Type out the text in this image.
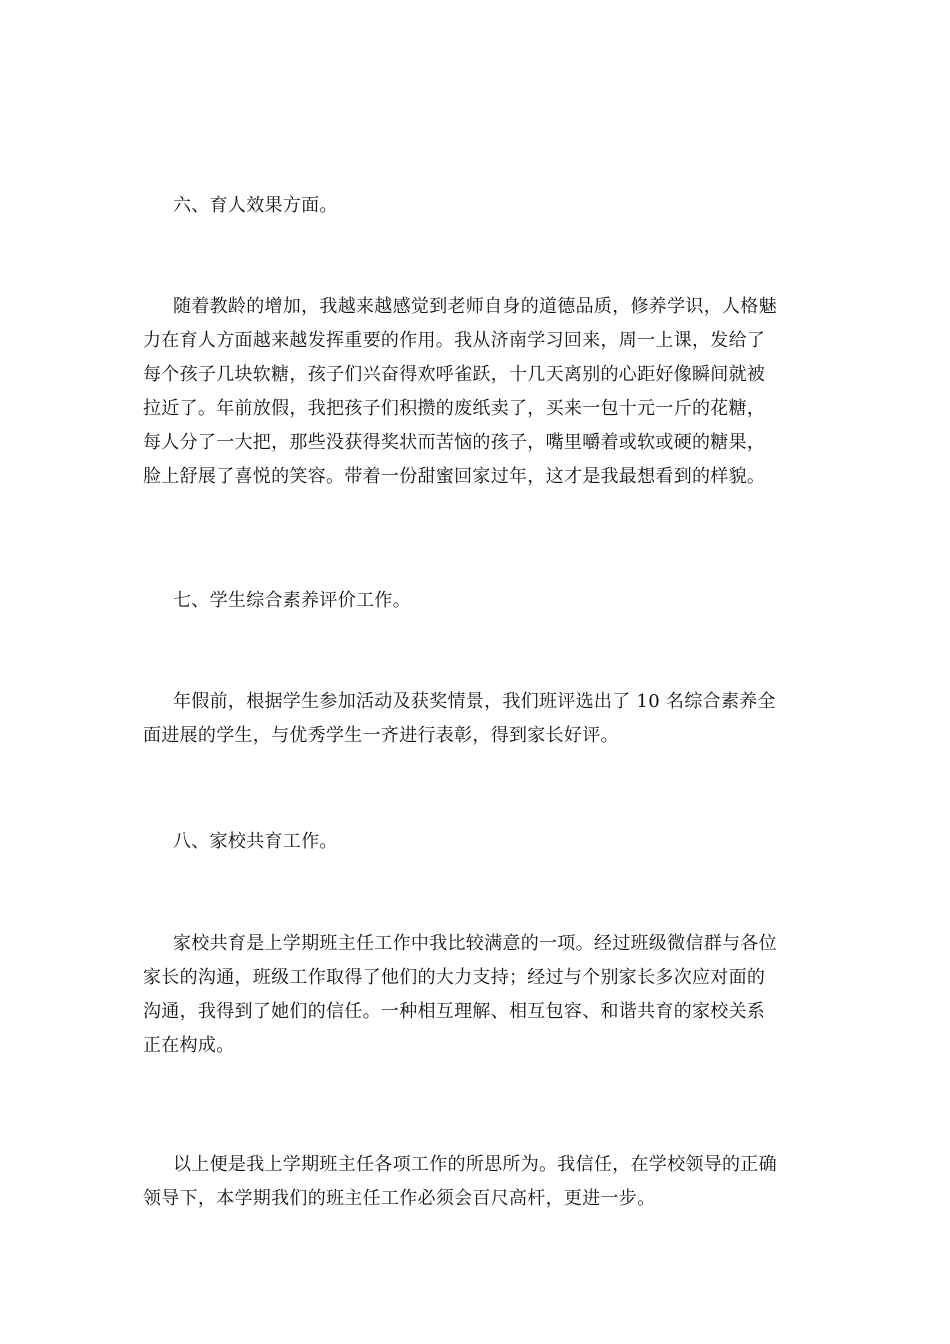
六、育人效果方面。
随着教龄的增加，我越来越感觉到老师自身的道德品质，修养学识，人格魅
力在育人方面越来越发挥重要的作用。我从济南学习回来，周一上课，发给了
每个孩子几块软糖，孩子们兴奋得欢呼雀跃，十几天离别的心距好像瞬间就被
拉近了。年前放假，我把孩子们积攒的废纸卖了，买来一包十元一斤的花糖，
每人分了一大把，那些没获得奖状而苦恼的孩子，嘴里嚼着或软或硬的糖果，
脸上舒展了喜悦的笑容。带着一份甜蜜回家过年，这才是我最想看到的样貌。
七、学生综合素养评价工作。
年假前，根据学生参加活动及获奖情景，我们班评选出了 10 名综合素养全
面进展的学生，与优秀学生一齐进行表彰，得到家长好评。
八、家校共育工作。
家校共育是上学期班主任工作中我比较满意的一项。经过班级微信群与各位
家长的沟通，班级工作取得了他们的大力支持；经过与个别家长多次应对面的
沟通，我得到了她们的信任。一种相互理解、相互包容、和谐共育的家校关系
正在构成。
以上便是我上学期班主任各项工作的所思所为。我信任，在学校领导的正确
领导下，本学期我们的班主任工作必须会百尺高杆，更进一步。
